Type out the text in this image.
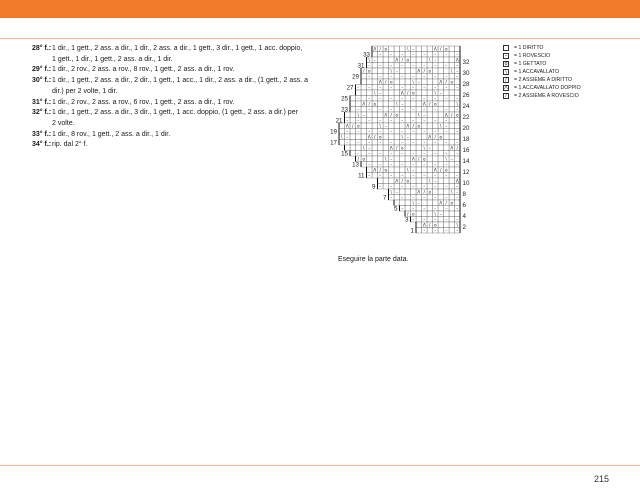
28° f.: 1 dir., 1 gett., 2 ass. a dir., 1 dir., 2 ass. a dir., 1 gett., 3 dir., 1 gett., 1 acc. doppio,
1 gett., 1 dir., 1 gett., 2 ass. a dir., 1 dir.
29° f.: 1 dir., 2 rov., 2 ass. a rov., 8 rov., 1 gett., 2 ass. a dir., 1 rov.
30° f.: 1 dir., 1 gett., 2 ass. a dir., 2 dir., 1 gett., 1 acc., 1 dir., 2 ass. a dir., (1 gett., 2 ass. a
dir.) per 2 volte, 1 dir.
31° f.: 1 dir., 2 rov., 2 ass. a rov., 6 rov., 1 gett., 2 ass. a dir., 1 rov.
32° f.: 1 dir., 1 gett., 2 ass. a dir., 3 dir., 1 gett., 1 acc. doppio, (1 gett., 2 ass. a dir.) per
2 volte.
33° f.: 1 dir., 8 rov., 1 gett., 2 ass. a dir., 1 dir.
34° f.: rip. dal 2° f.
o
/
Λ
–
\
o
/
Λ
–
–
–
–
–
–
–
–
Λ
–
\
o
/
Λ
–
\
–
–
–
–
–
–
–
–
–
–
\
o
/
Λ
–
\
o
/
–
–
–
–
–
–
–
–
–
o
/
Λ
–
\
o
/
Λ
–
–
–
–
–
–
–
–
–
–
–
\
o
/
Λ
–
\
–
–
–
–
–
–
–
–
–
–
\
o
/
Λ
–
\
o
/
Λ
–
–
–
–
–
–
–
–
–
–
o
/
Λ
–
\
o
/
Λ
–
\
–
–
–
–
–
–
–
–
–
–
–
–
\
o
/
Λ
–
\
o
/
Λ
–
–
–
–
–
–
–
–
–
–
–
o
/
Λ
–
\
o
/
Λ
–
\
–
–
–
–
–
–
–
–
–
–
–
/
Λ
–
\
o
/
Λ
–
\
–
–
–
–
–
–
–
–
–
–
–
\
o
/
Λ
–
\
o
/
–
–
–
–
–
–
–
–
–
o
/
Λ
–
\
o
/
Λ
–
–
–
–
–
–
–
–
–
Λ
–
\
o
/
Λ
–
–
–
–
–
–
–
–
–
\
o
/
Λ
–
\
–
–
–
–
–
–
–
o
/
Λ
–
\
–
–
–
–
–
–
–
\
o
/
–
–
–
–
–
\
o
/
Λ
–
–
–
–
33
31
29
27
25
23
21
19
17
15
13
11
9
7
5
3
1
32
30
28
26
24
22
20
18
16
14
12
10
8
6
4
2
= 1 DIRITTO
–	= 1 ROVESCIO
o = 1 GETTATO
\	= 1 ACCAVALLATO
/	= 2 ASSIEME A DIRITTO
Λ = 1 ACCAVALLATO DOPPIO
⁄	= 2 ASSIEME A ROVESCIO
Eseguire la parte data.
215
